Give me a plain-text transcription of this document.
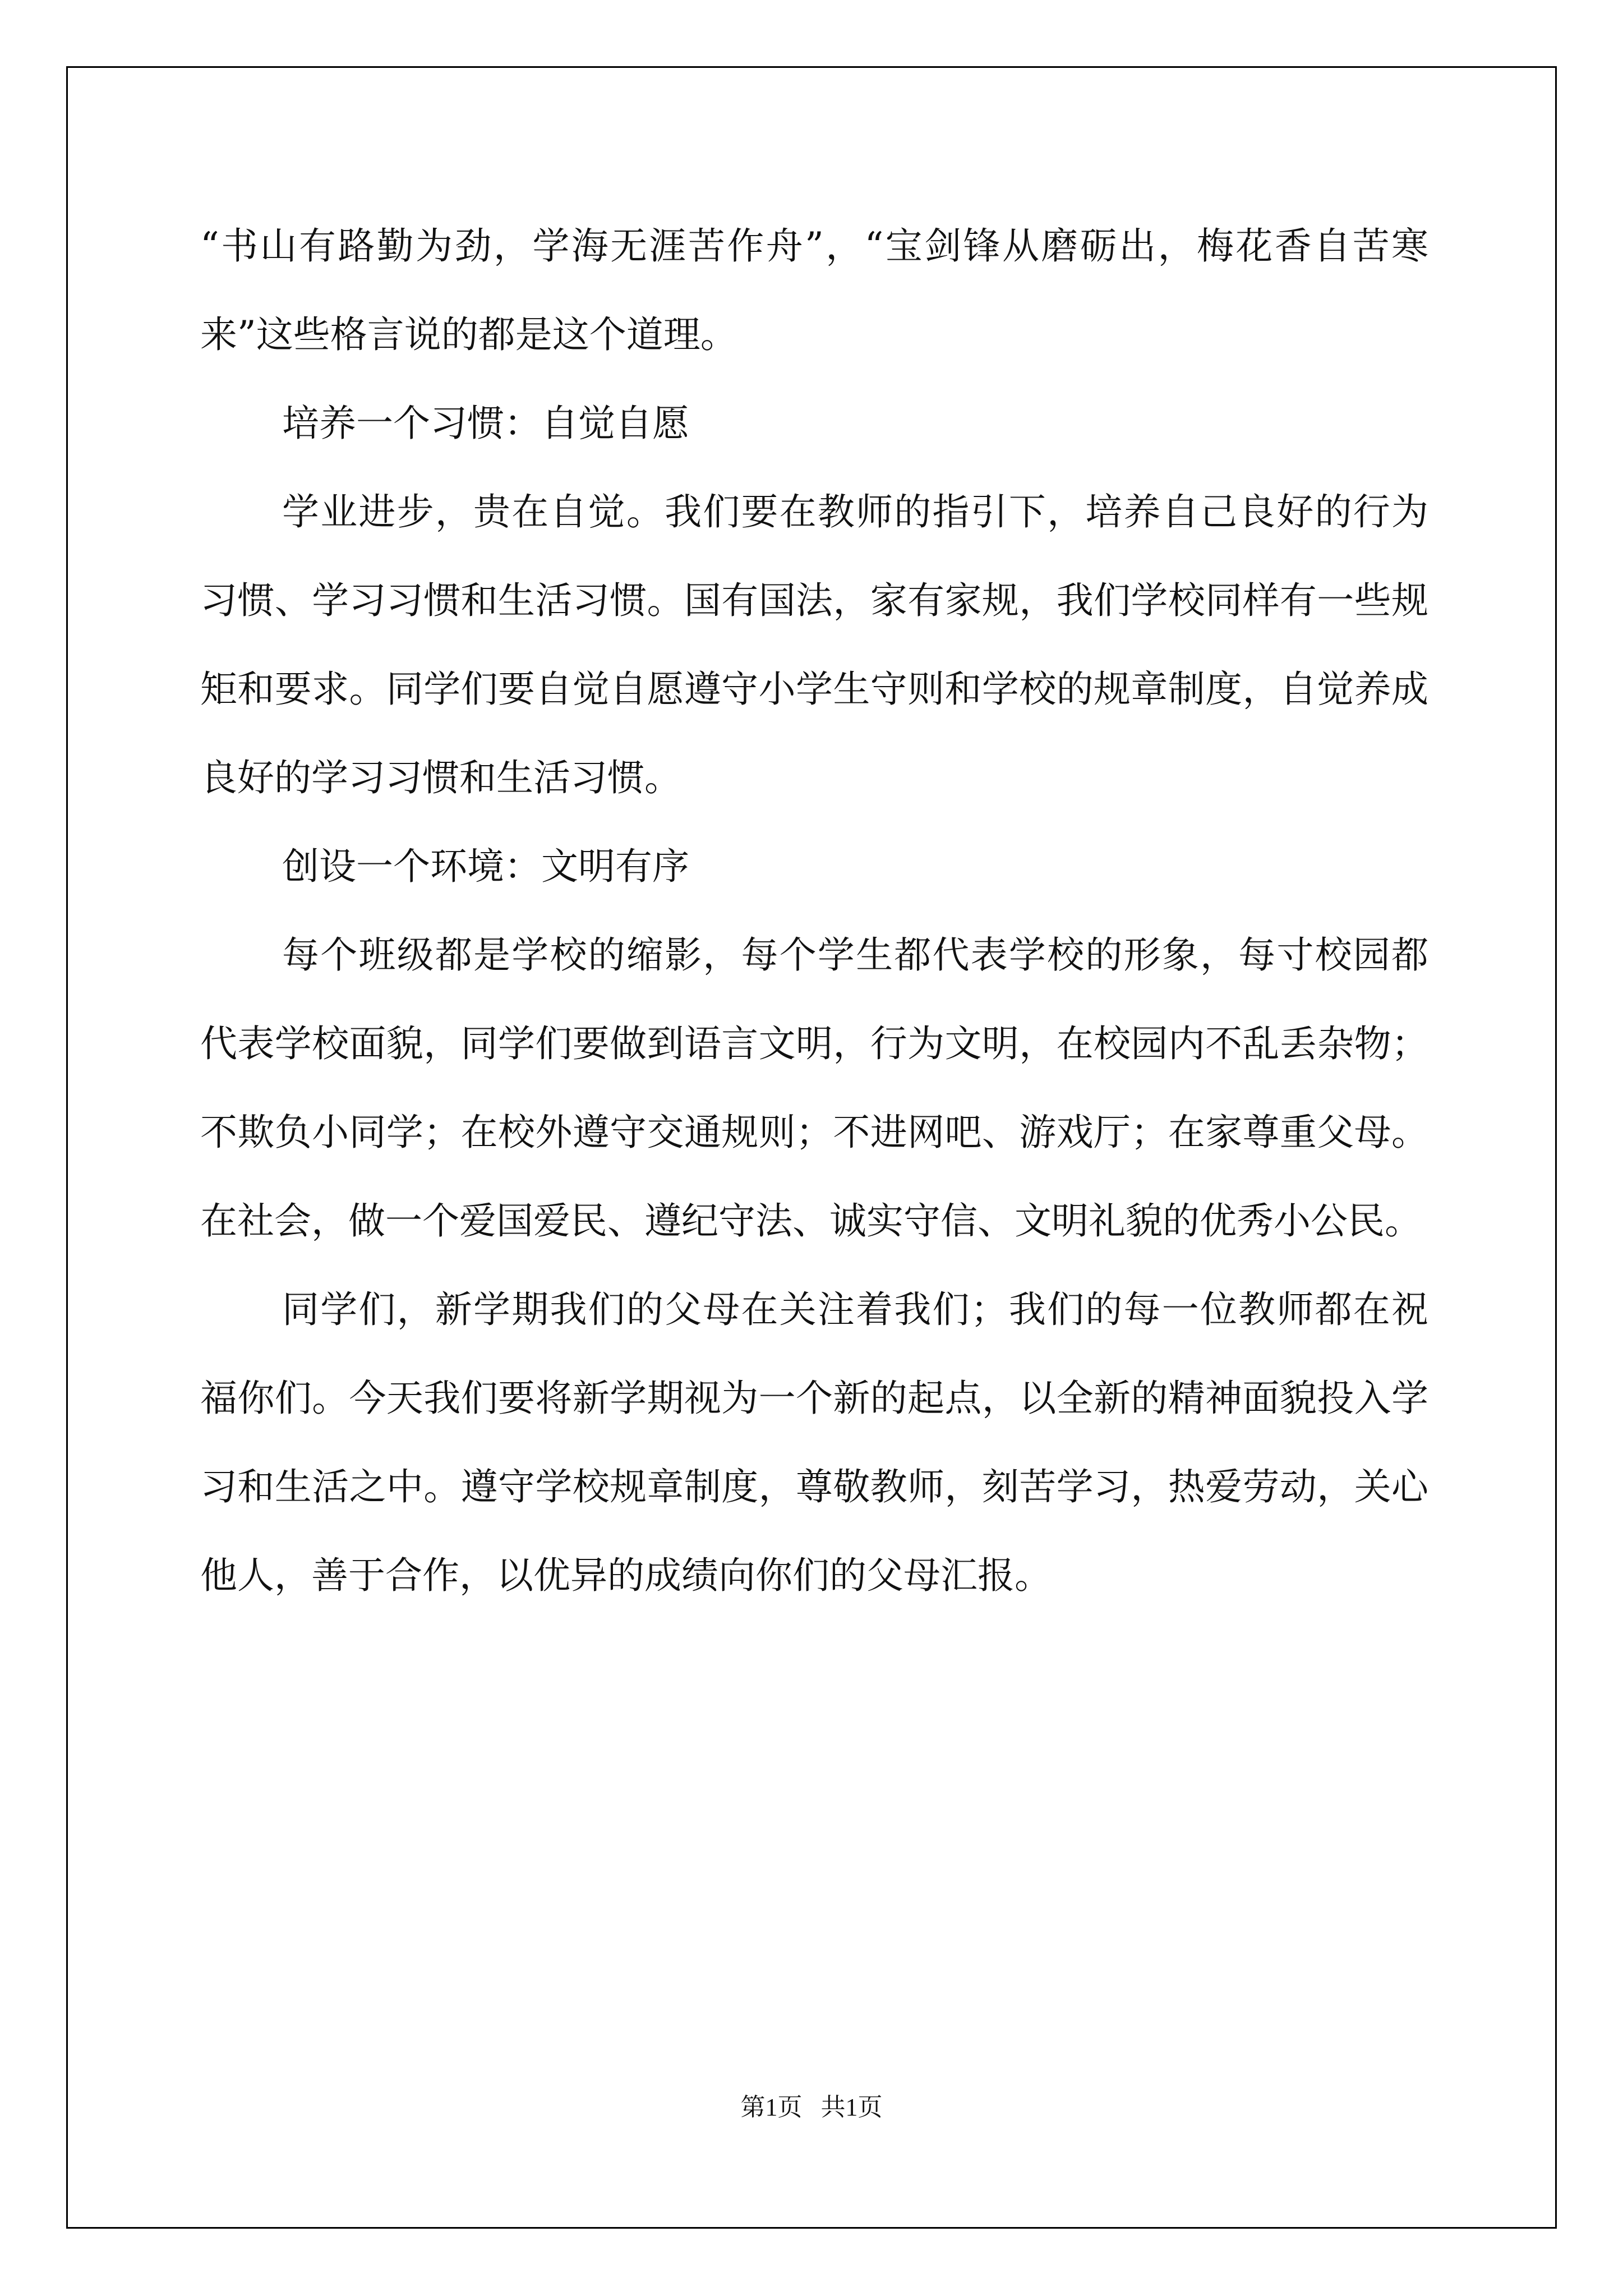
“书山有路勤为劲，学海无涯苦作舟”，“宝剑锋从磨砺出，梅花香自苦寒来”这些格言说的都是这个道理。

培养一个习惯：自觉自愿

学业进步，贵在自觉。我们要在教师的指引下，培养自己良好的行为习惯、学习习惯和生活习惯。国有国法，家有家规，我们学校同样有一些规矩和要求。同学们要自觉自愿遵守小学生守则和学校的规章制度，自觉养成良好的学习习惯和生活习惯。

创设一个环境：文明有序

每个班级都是学校的缩影，每个学生都代表学校的形象，每寸校园都代表学校面貌，同学们要做到语言文明，行为文明，在校园内不乱丢杂物；不欺负小同学；在校外遵守交通规则；不进网吧、游戏厅；在家尊重父母。在社会，做一个爱国爱民、遵纪守法、诚实守信、文明礼貌的优秀小公民。

同学们，新学期我们的父母在关注着我们；我们的每一位教师都在祝福你们。今天我们要将新学期视为一个新的起点，以全新的精神面貌投入学习和生活之中。遵守学校规章制度，尊敬教师，刻苦学习，热爱劳动，关心他人，善于合作，以优异的成绩向你们的父母汇报。

第1页   共1页
